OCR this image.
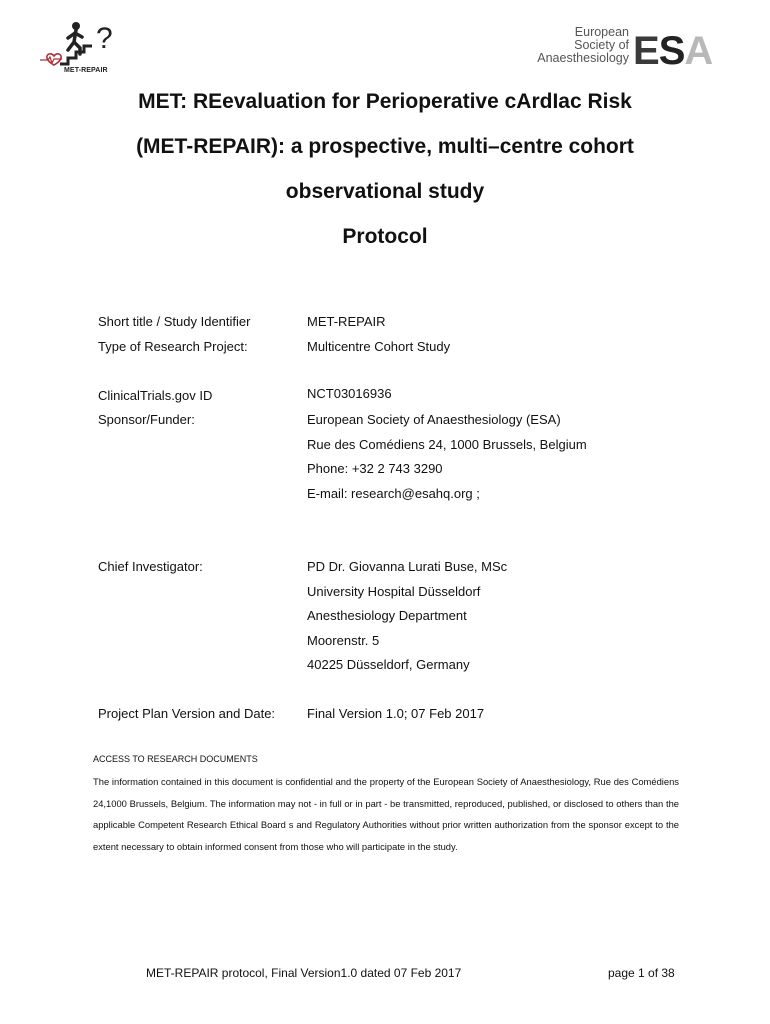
?
MET-REPAIR
European
Society of
Anaesthesiology ESA
MET: REevaluation for Perioperative cArdIac Risk
(MET-REPAIR): a prospective, multi–centre cohort
observational study
Protocol
Short title / Study Identifier	MET-REPAIR
Type of Research Project:	Multicentre Cohort Study
ClinicalTrials.gov ID	NCT03016936
Sponsor/Funder:	European Society of Anaesthesiology (ESA)
Rue des Comédiens 24, 1000 Brussels, Belgium
Phone: +32 2 743 3290
E-mail: research@esahq.org ;
Chief Investigator:	PD Dr. Giovanna Lurati Buse, MSc
University Hospital Düsseldorf
Anesthesiology Department
Moorenstr. 5
40225 Düsseldorf, Germany
Project Plan Version and Date: Final Version 1.0; 07 Feb 2017
ACCESS TO RESEARCH DOCUMENTS
The information contained in this document is confidential and the property of the European Society of Anaesthesiology, Rue des Comédiens 24,1000 Brussels, Belgium. The information may not - in full or in part - be transmitted, reproduced, published, or disclosed to others than the applicable Competent Research Ethical Board s and Regulatory Authorities without prior written authorization from the sponsor except to the extent necessary to obtain informed consent from those who will participate in the study.
MET-REPAIR protocol, Final Version1.0 dated 07 Feb 2017	page 1 of 38
